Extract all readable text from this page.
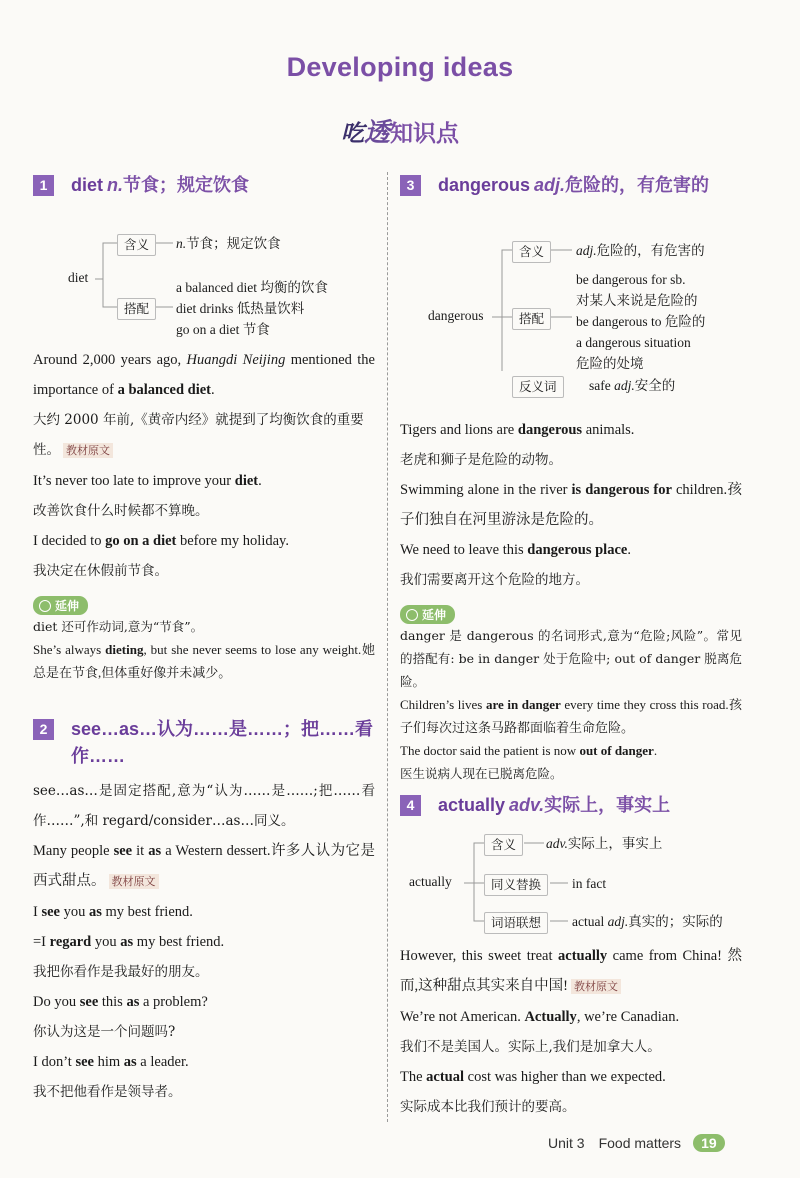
Developing ideas
吃透知识点
1	diet n.节食；规定饮食
diet
含义	n.节食；规定饮食
搭配
a balanced diet 均衡的饮食
diet drinks 低热量饮料
go on a diet 节食

Around 2,000 years ago, Huangdi Neijing mentioned the importance of a balanced diet.

大约 2000 年前,《黄帝内经》就提到了均衡饮食的重要性。 教材原文

It’s never too late to improve your diet.

改善饮食什么时候都不算晚。

I decided to go on a diet before my holiday.

我决定在休假前节食。

延伸

diet 还可作动词,意为“节食”。

She’s always dieting, but she never seems to lose any weight.她总是在节食,但体重好像并未减少。

2	see…as…认为……是……；把……看作……

see…as…是固定搭配,意为“认为……是……;把……看作……”,和 regard/consider…as…同义。

Many people see it as a Western dessert.许多人认为它是西式甜点。 教材原文

I see you as my best friend.

=I regard you as my best friend.

我把你看作是我最好的朋友。

Do you see this as a problem?

你认为这是一个问题吗?

I don’t see him as a leader.

我不把他看作是领导者。

3	dangerous adj.危险的，有危害的
dangerous
含义	adj.危险的，有危害的
搭配
be dangerous for sb.
对某人来说是危险的
be dangerous to 危险的
a dangerous situation
危险的处境
反义词	safe adj.安全的

Tigers and lions are dangerous animals.

老虎和狮子是危险的动物。

Swimming alone in the river is dangerous for children.孩子们独自在河里游泳是危险的。

We need to leave this dangerous place.

我们需要离开这个危险的地方。

延伸

danger 是 dangerous 的名词形式,意为“危险;风险”。常见的搭配有: be in danger 处于危险中; out of danger 脱离危险。

Children’s lives are in danger every time they cross this road.孩子们每次过这条马路都面临着生命危险。

The doctor said the patient is now out of danger.

医生说病人现在已脱离危险。

4	actually adv.实际上，事实上
actually
含义	adv.实际上，事实上
同义替换	in fact
词语联想	actual adj.真实的；实际的

However, this sweet treat actually came from China! 然而,这种甜点其实来自中国! 教材原文

We’re not American. Actually, we’re Canadian.

我们不是美国人。实际上,我们是加拿大人。

The actual cost was higher than we expected.

实际成本比我们预计的要高。

Unit 3 Food matters	19
